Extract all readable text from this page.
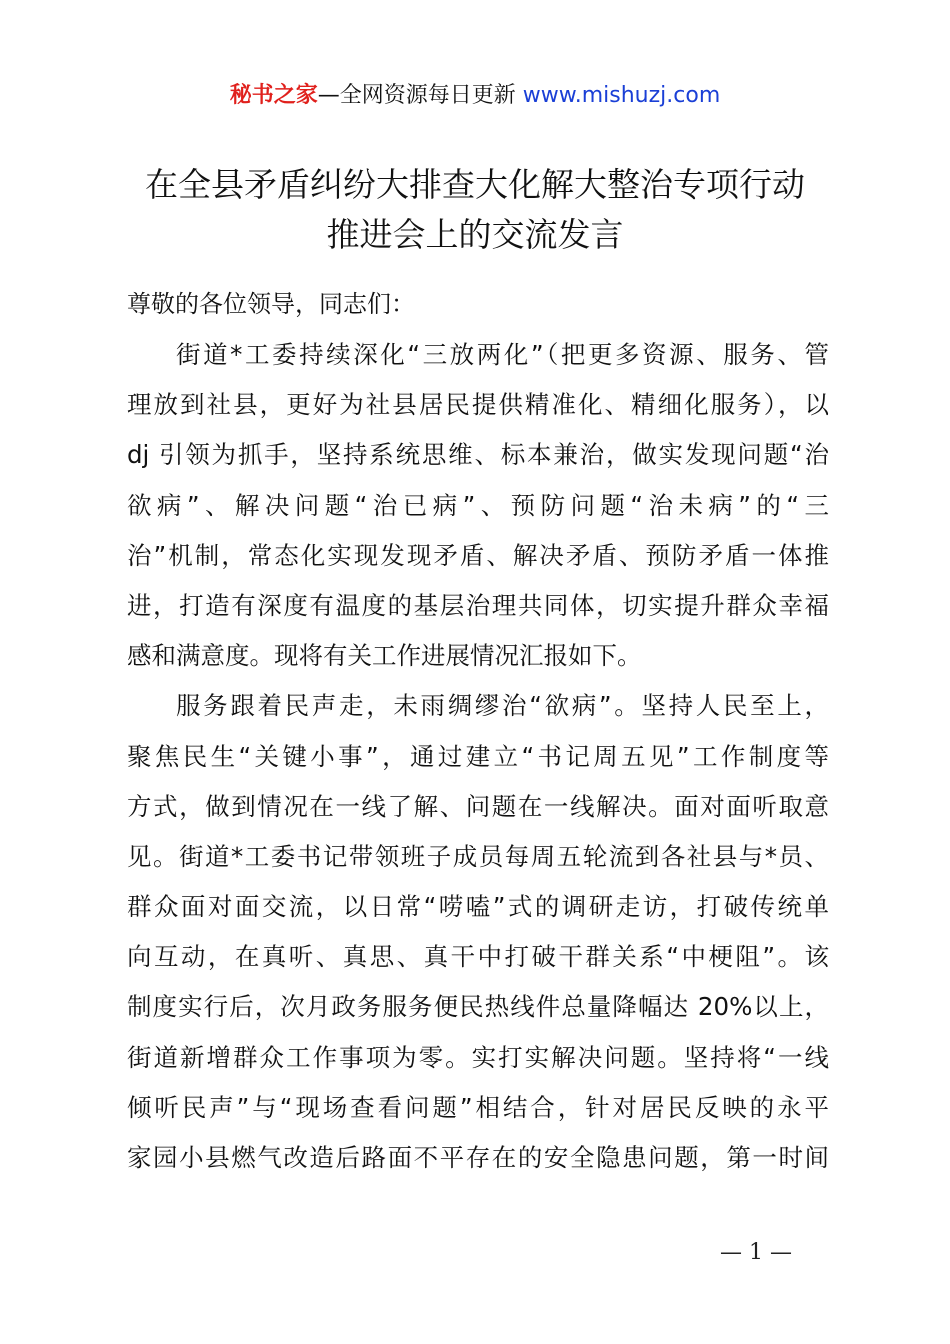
秘书之家—全网资源每日更新 www.mishuzj.com
在全县矛盾纠纷大排查大化解大整治专项行动
推进会上的交流发言

尊敬的各位领导，同志们：

街道*工委持续深化“三放两化”（把更多资源、服务、管
理放到社县，更好为社县居民提供精准化、精细化服务），以
dj 引领为抓手，坚持系统思维、标本兼治，做实发现问题“治
欲病”、解决问题“治已病”、预防问题“治未病”的“三
治”机制，常态化实现发现矛盾、解决矛盾、预防矛盾一体推
进，打造有深度有温度的基层治理共同体，切实提升群众幸福
感和满意度。现将有关工作进展情况汇报如下。
服务跟着民声走，未雨绸缪治“欲病”。坚持人民至上，
聚焦民生“关键小事”，通过建立“书记周五见”工作制度等
方式，做到情况在一线了解、问题在一线解决。面对面听取意
见。街道*工委书记带领班子成员每周五轮流到各社县与*员、
群众面对面交流，以日常“唠嗑”式的调研走访，打破传统单
向互动，在真听、真思、真干中打破干群关系“中梗阻”。该
制度实行后，次月政务服务便民热线件总量降幅达 20%以上，
街道新增群众工作事项为零。实打实解决问题。坚持将“一线
倾听民声”与“现场查看问题”相结合，针对居民反映的永平
家园小县燃气改造后路面不平存在的安全隐患问题，第一时间
— 1 —
